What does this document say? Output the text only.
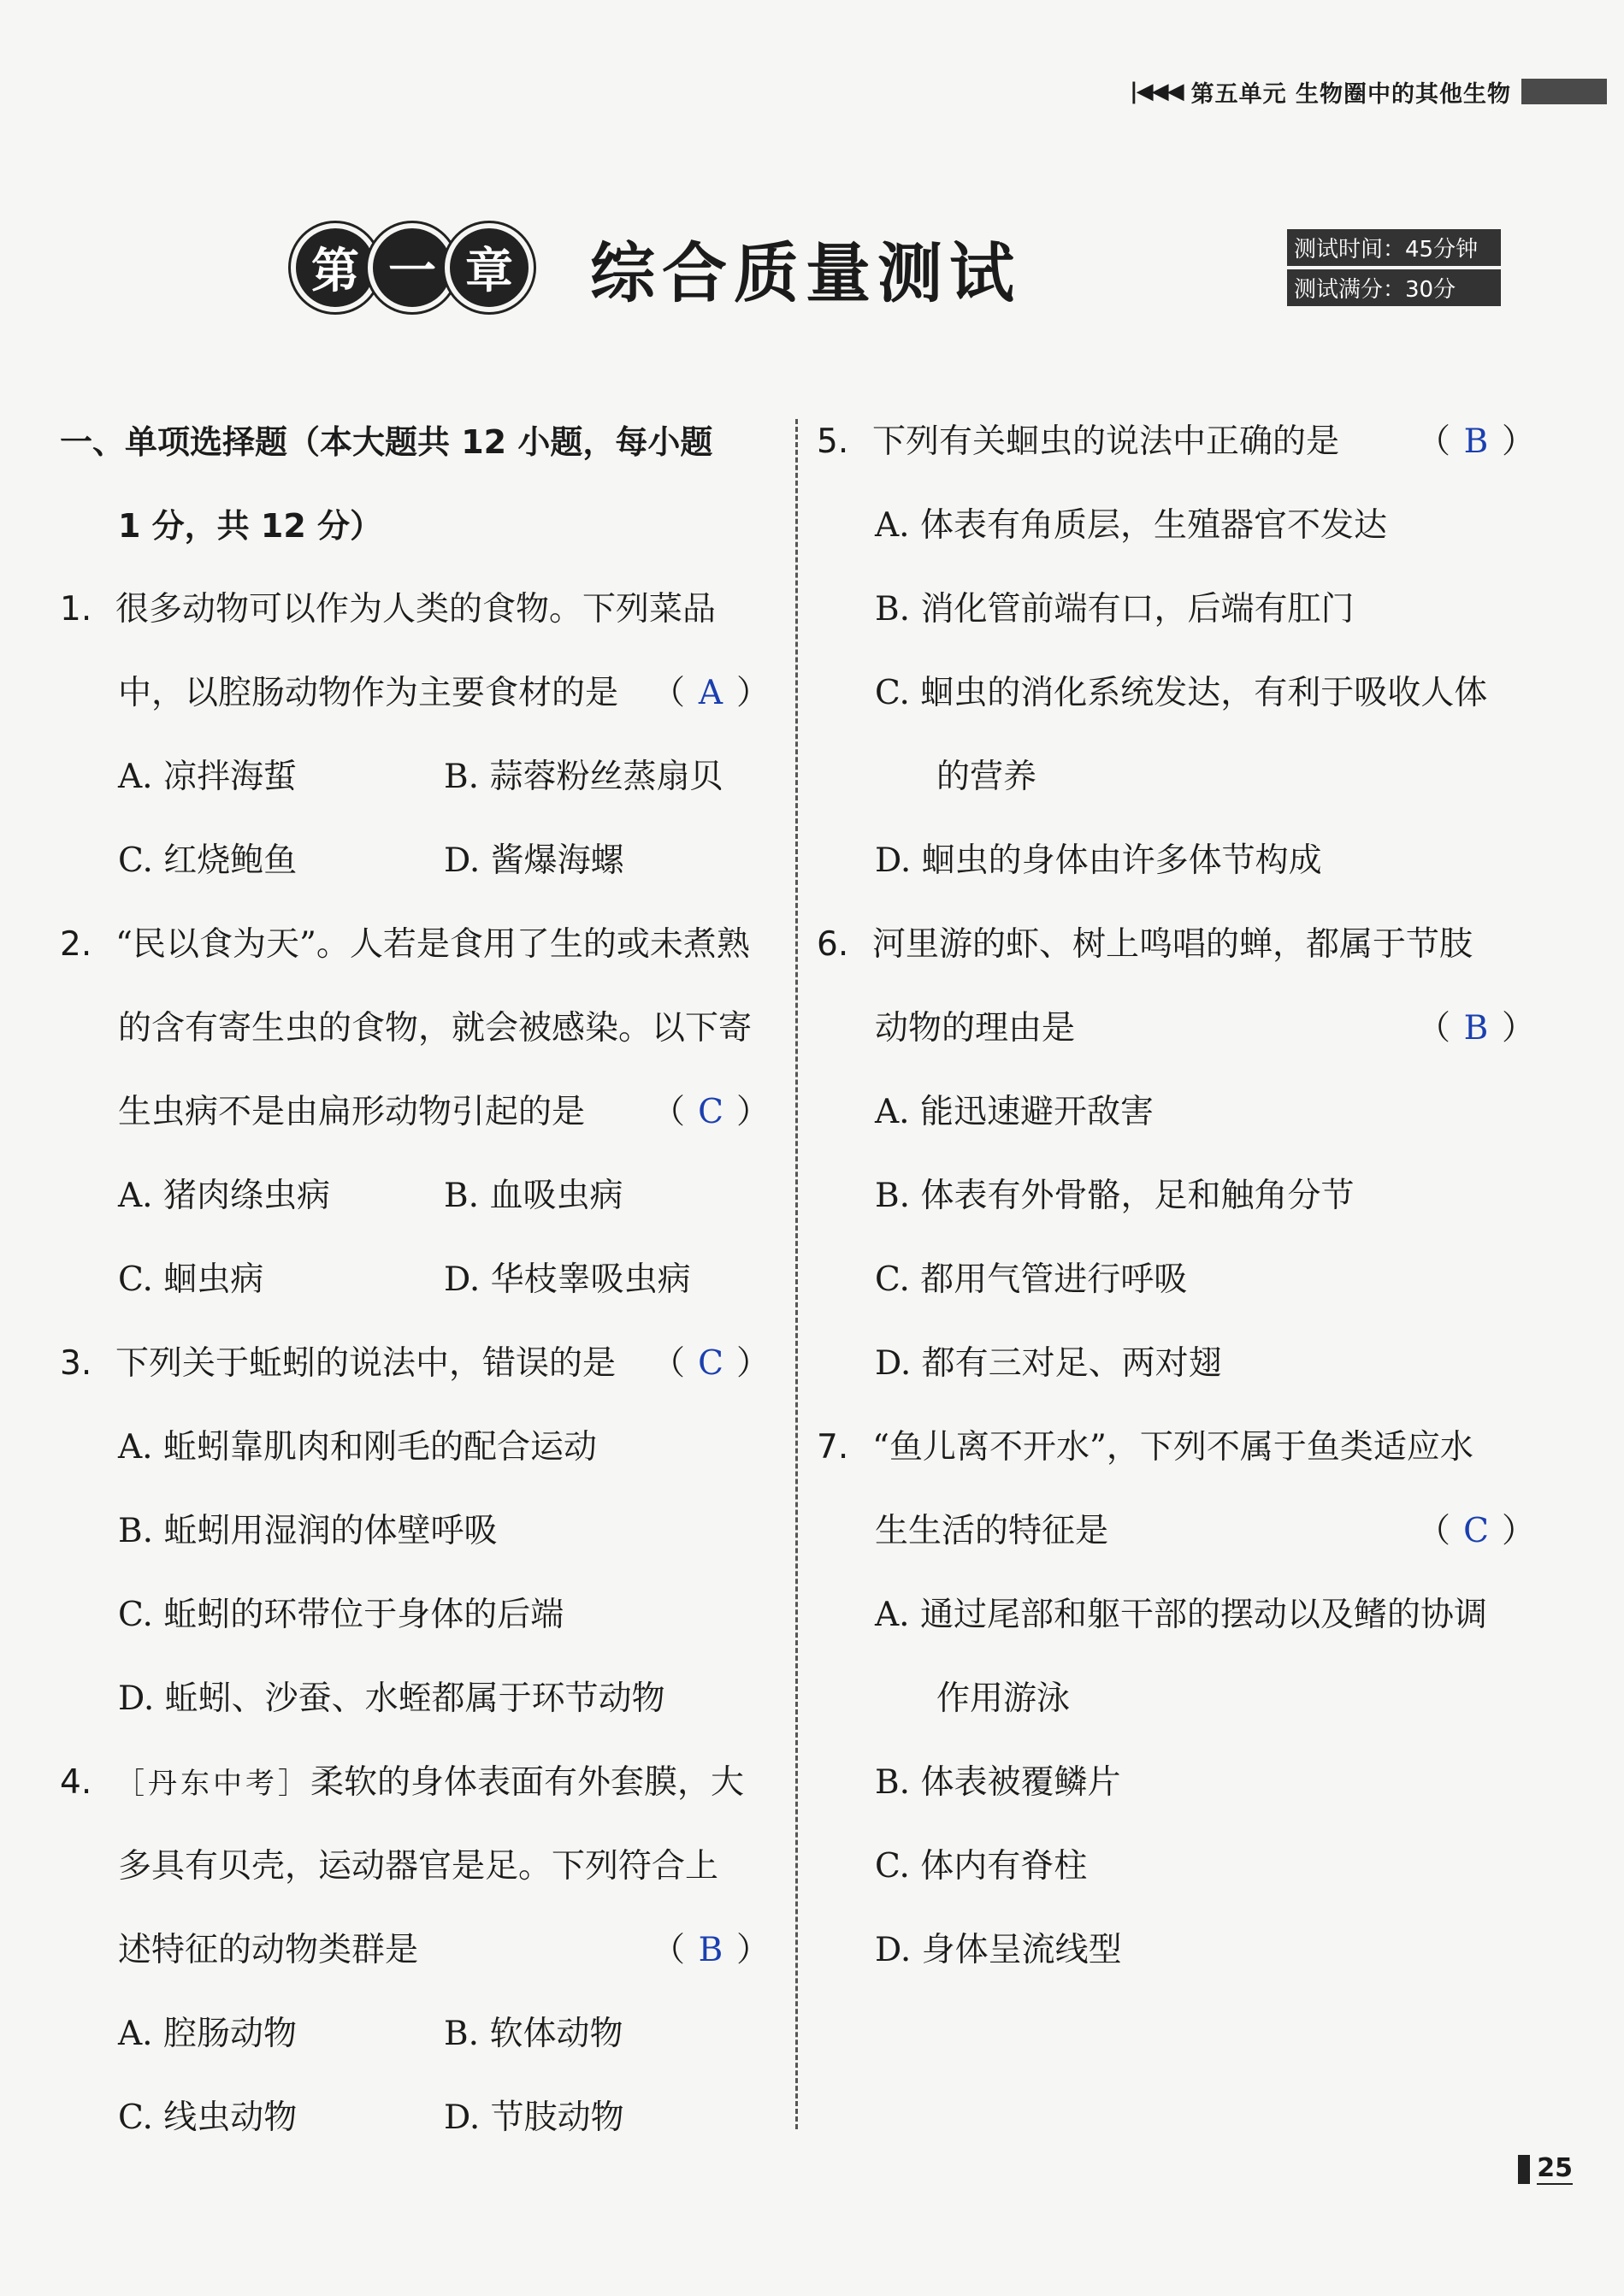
|◀◀◀ 第五单元 生物圈中的其他生物
第 一 章	综合质量测试	测试时间：45分钟
测试满分：30分
一、单项选择题（本大题共 12 小题，每小题
1 分，共 12 分）
1. 很多动物可以作为人类的食物。下列菜品
中，以腔肠动物作为主要食材的是 （ A ）
A. 凉拌海蜇	B. 蒜蓉粉丝蒸扇贝
C. 红烧鲍鱼	D. 酱爆海螺
2. “民以食为天”。人若是食用了生的或未煮熟
的含有寄生虫的食物，就会被感染。以下寄
生虫病不是由扁形动物引起的是 （ C ）
A. 猪肉绦虫病	B. 血吸虫病
C. 蛔虫病	D. 华枝睾吸虫病
3. 下列关于蚯蚓的说法中，错误的是 （ C ）
A. 蚯蚓靠肌肉和刚毛的配合运动
B. 蚯蚓用湿润的体壁呼吸
C. 蚯蚓的环带位于身体的后端
D. 蚯蚓、沙蚕、水蛭都属于环节动物
4. ［丹东中考］柔软的身体表面有外套膜，大
多具有贝壳，运动器官是足。下列符合上
述特征的动物类群是	（ B ）
A. 腔肠动物	B. 软体动物
C. 线虫动物	D. 节肢动物
5. 下列有关蛔虫的说法中正确的是 （ B ）
A. 体表有角质层，生殖器官不发达
B. 消化管前端有口，后端有肛门
C. 蛔虫的消化系统发达，有利于吸收人体
的营养
D. 蛔虫的身体由许多体节构成
6. 河里游的虾、树上鸣唱的蝉，都属于节肢
动物的理由是	（ B ）
A. 能迅速避开敌害
B. 体表有外骨骼，足和触角分节
C. 都用气管进行呼吸
D. 都有三对足、两对翅
7. “鱼儿离不开水”，下列不属于鱼类适应水
生生活的特征是	（ C ）
A. 通过尾部和躯干部的摆动以及鳍的协调
作用游泳
B. 体表被覆鳞片
C. 体内有脊柱
D. 身体呈流线型
25
